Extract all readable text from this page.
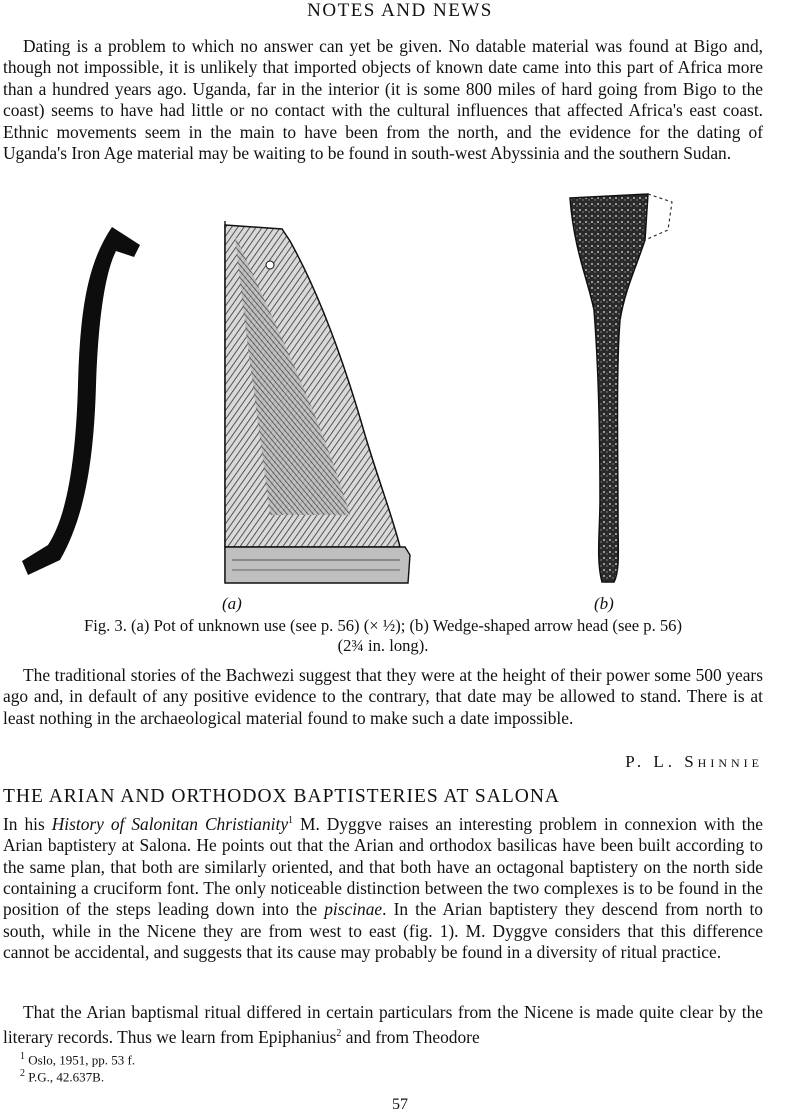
NOTES AND NEWS

Dating is a problem to which no answer can yet be given. No datable material was found at Bigo and, though not impossible, it is unlikely that imported objects of known date came into this part of Africa more than a hundred years ago. Uganda, far in the interior (it is some 800 miles of hard going from Bigo to the coast) seems to have had little or no contact with the cultural influences that affected Africa's east coast. Ethnic movements seem in the main to have been from the north, and the evidence for the dating of Uganda's Iron Age material may be waiting to be found in south-west Abyssinia and the southern Sudan.

(a)	(b)

Fig. 3. (a) Pot of unknown use (see p. 56) (× ½); (b) Wedge-shaped arrow head (see p. 56)
(2¾ in. long).

The traditional stories of the Bachwezi suggest that they were at the height of their power some 500 years ago and, in default of any positive evidence to the contrary, that date may be allowed to stand. There is at least nothing in the archaeological material found to make such a date impossible.

P. L. Shinnie
THE ARIAN AND ORTHODOX BAPTISTERIES AT SALONA

In his History of Salonitan Christianity$^1$ M. Dyggve raises an interesting problem in connexion with the Arian baptistery at Salona. He points out that the Arian and orthodox basilicas have been built according to the same plan, that both are similarly oriented, and that both have an octagonal baptistery on the north side containing a cruciform font. The only noticeable distinction between the two complexes is to be found in the position of the steps leading down into the piscinae. In the Arian baptistery they descend from north to south, while in the Nicene they are from west to east (fig. 1). M. Dyggve considers that this difference cannot be accidental, and suggests that its cause may probably be found in a diversity of ritual practice.

That the Arian baptismal ritual differed in certain particulars from the Nicene is made quite clear by the literary records. Thus we learn from Epiphanius$^2$ and from Theodore

$^1$ Oslo, 1951, pp. 53 f.
$^2$ P.G., 42.637B.
57
